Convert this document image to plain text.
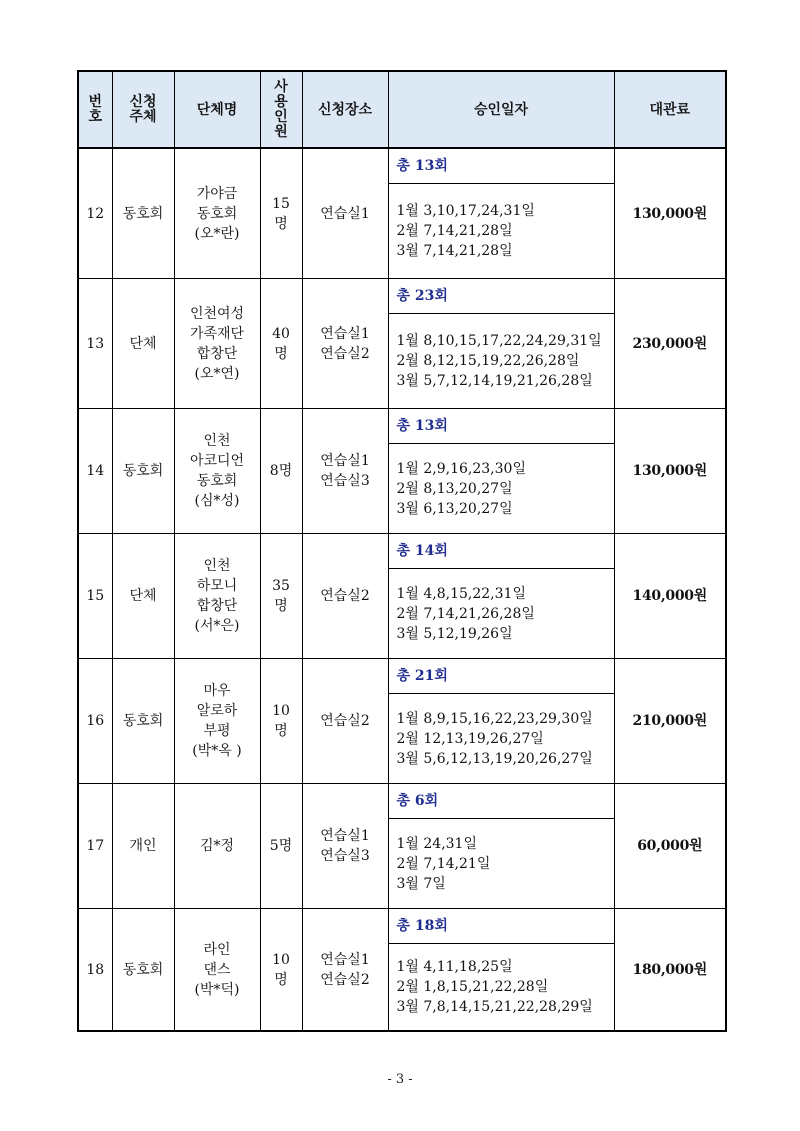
번
호	신청
주체	단체명	사
용
인
원	신청장소	승인일자	대관료
12	동호회	가야금
동호회
(오*란)	15
명	연습실1	총 13회	130,000원
					1월 3,10,17,24,31일
2월 7,14,21,28일
3월 7,14,21,28일	
13	단체	인천여성
가족재단
합창단
(오*연)	40
명	연습실1
연습실2	총 23회	230,000원
					1월 8,10,15,17,22,24,29,31일
2월 8,12,15,19,22,26,28일
3월 5,7,12,14,19,21,26,28일	
14	동호회	인천
아코디언
동호회
(심*성)	8명	연습실1
연습실3	총 13회	130,000원
					1월 2,9,16,23,30일
2월 8,13,20,27일
3월 6,13,20,27일	
15	단체	인천
하모니
합창단
(서*은)	35
명	연습실2	총 14회	140,000원
					1월 4,8,15,22,31일
2월 7,14,21,26,28일
3월 5,12,19,26일	
16	동호회	마우
알로하
부평
(박*옥 )	10
명	연습실2	총 21회	210,000원
					1월 8,9,15,16,22,23,29,30일
2월 12,13,19,26,27일
3월 5,6,12,13,19,20,26,27일	
17	개인	김*정	5명	연습실1
연습실3	총 6회	60,000원
					1월 24,31일
2월 7,14,21일
3월 7일	
18	동호회	라인
댄스
(박*덕)	10
명	연습실1
연습실2	총 18회	180,000원
					1월 4,11,18,25일
2월 1,8,15,21,22,28일
3월 7,8,14,15,21,22,28,29일	
- 3 -
